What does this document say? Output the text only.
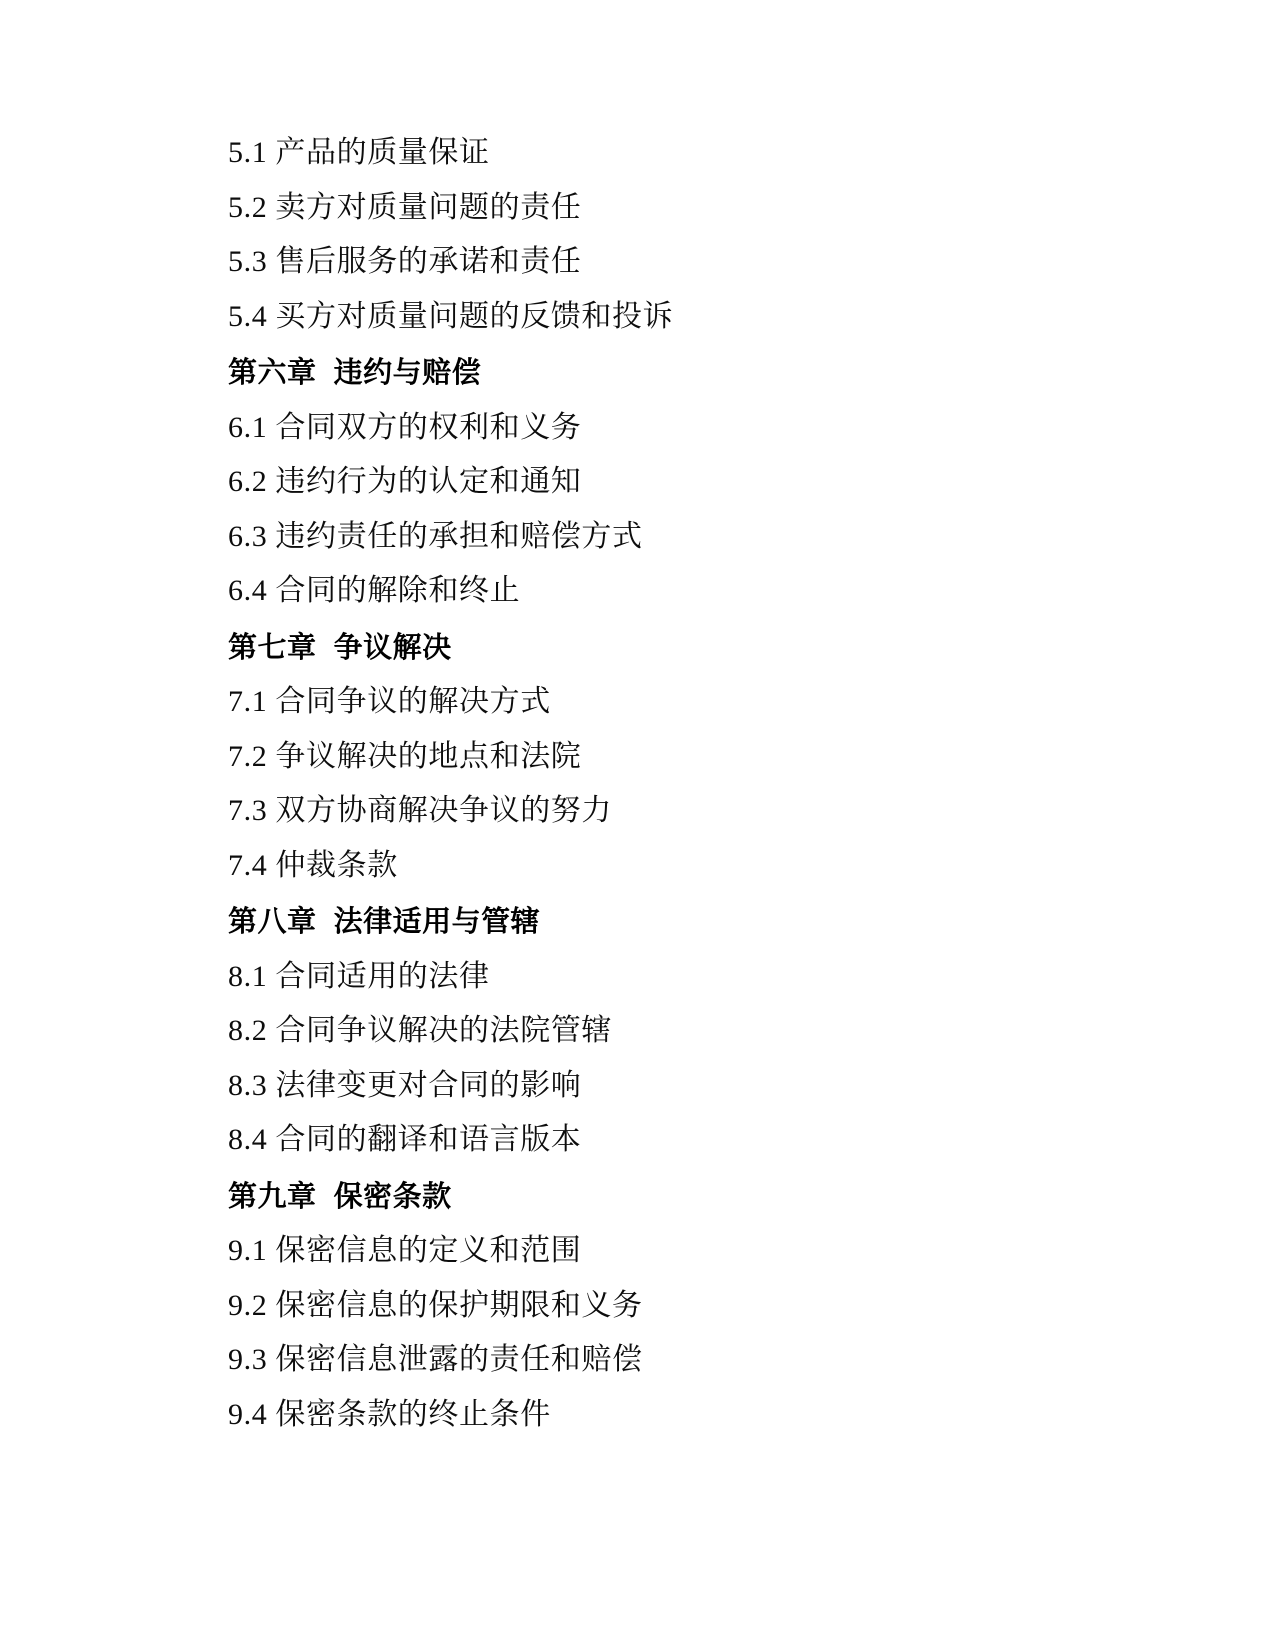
5.1 产品的质量保证
5.2 卖方对质量问题的责任
5.3 售后服务的承诺和责任
5.4 买方对质量问题的反馈和投诉
第六章  违约与赔偿
6.1 合同双方的权利和义务
6.2 违约行为的认定和通知
6.3 违约责任的承担和赔偿方式
6.4 合同的解除和终止
第七章  争议解决
7.1 合同争议的解决方式
7.2 争议解决的地点和法院
7.3 双方协商解决争议的努力
7.4 仲裁条款
第八章  法律适用与管辖
8.1 合同适用的法律
8.2 合同争议解决的法院管辖
8.3 法律变更对合同的影响
8.4 合同的翻译和语言版本
第九章  保密条款
9.1 保密信息的定义和范围
9.2 保密信息的保护期限和义务
9.3 保密信息泄露的责任和赔偿
9.4 保密条款的终止条件
